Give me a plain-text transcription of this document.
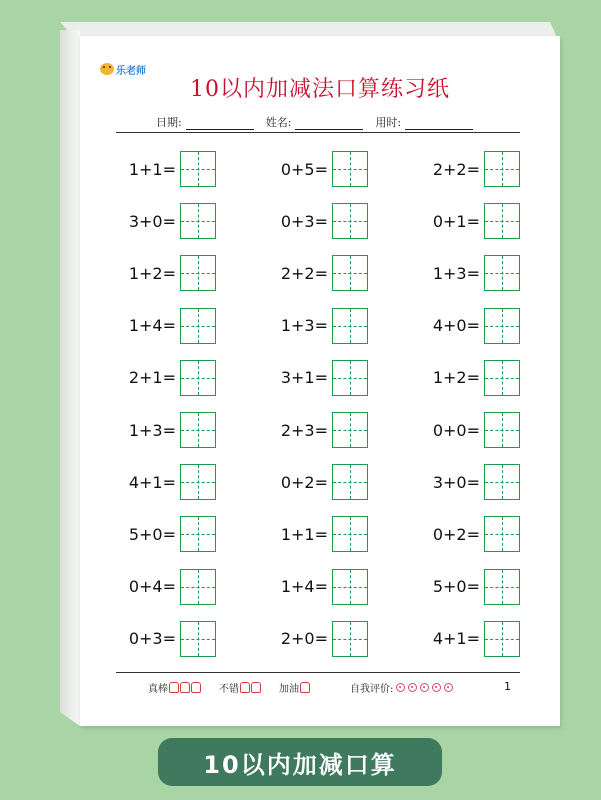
乐老师
10以内加减法口算练习纸
日期:	姓名:	用时:
1+1=
3+0=
1+2=
1+4=
2+1=
1+3=
4+1=
5+0=
0+4=
0+3=
0+5=
0+3=
2+2=
1+3=
3+1=
2+3=
0+2=
1+1=
1+4=
2+0=
2+2=
0+1=
1+3=
4+0=
1+2=
0+0=
3+0=
0+2=
5+0=
4+1=
真棒	不错	加油	自我评价:	1
10以内加减口算
